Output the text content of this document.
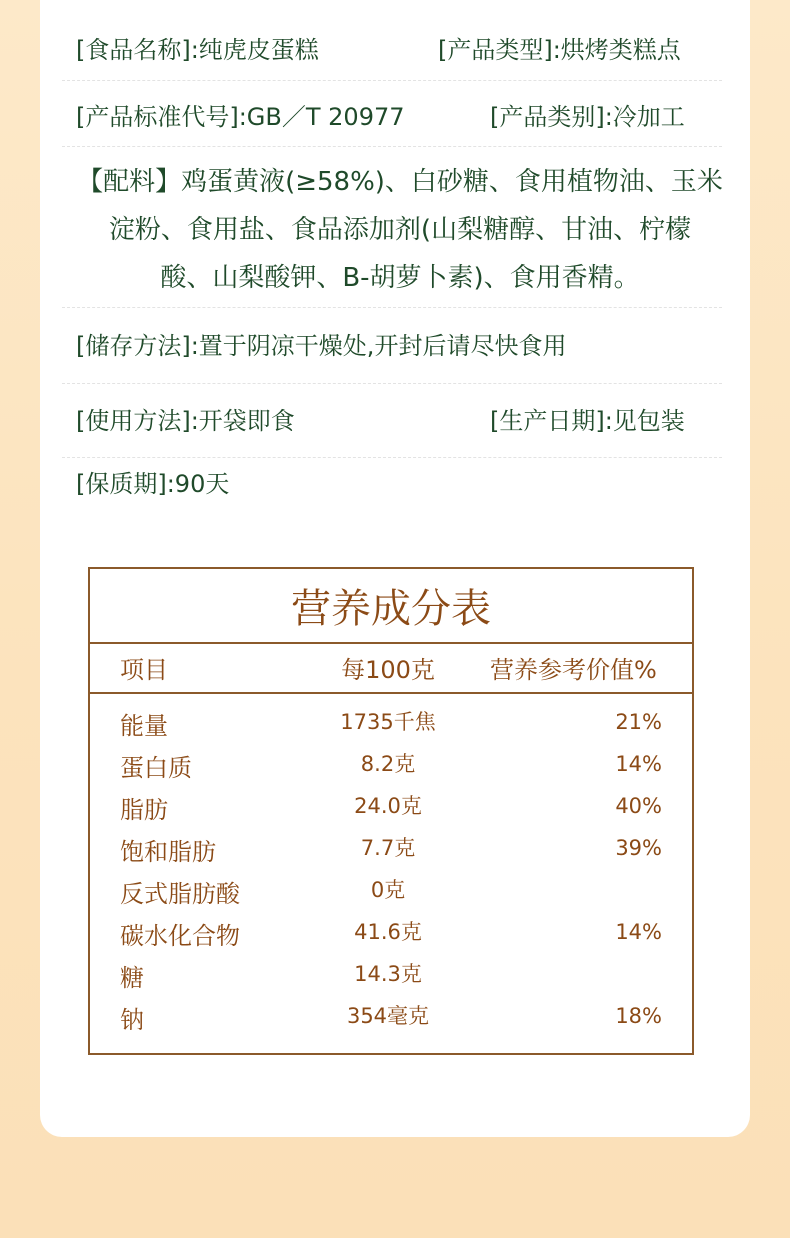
[食品名称]:纯虎皮蛋糕	[产品类型]:烘烤类糕点
[产品标准代号]:GB／T 20977	[产品类别]:冷加工
【配料】鸡蛋黄液(≥58%)、白砂糖、食用植物油、玉米
淀粉、食用盐、食品添加剂(山梨糖醇、甘油、柠檬
酸、山梨酸钾、B-胡萝卜素)、食用香精。
[储存方法]:置于阴凉干燥处,开封后请尽快食用
[使用方法]:开袋即食	[生产日期]:见包装
[保质期]:90天
营养成分表
项目	每100克	营养参考价值%
能量	1735千焦	21%
蛋白质	8.2克	14%
脂肪	24.0克	40%
饱和脂肪	7.7克	39%
反式脂肪酸	0克
碳水化合物	41.6克	14%
糖	14.3克
钠	354毫克	18%
